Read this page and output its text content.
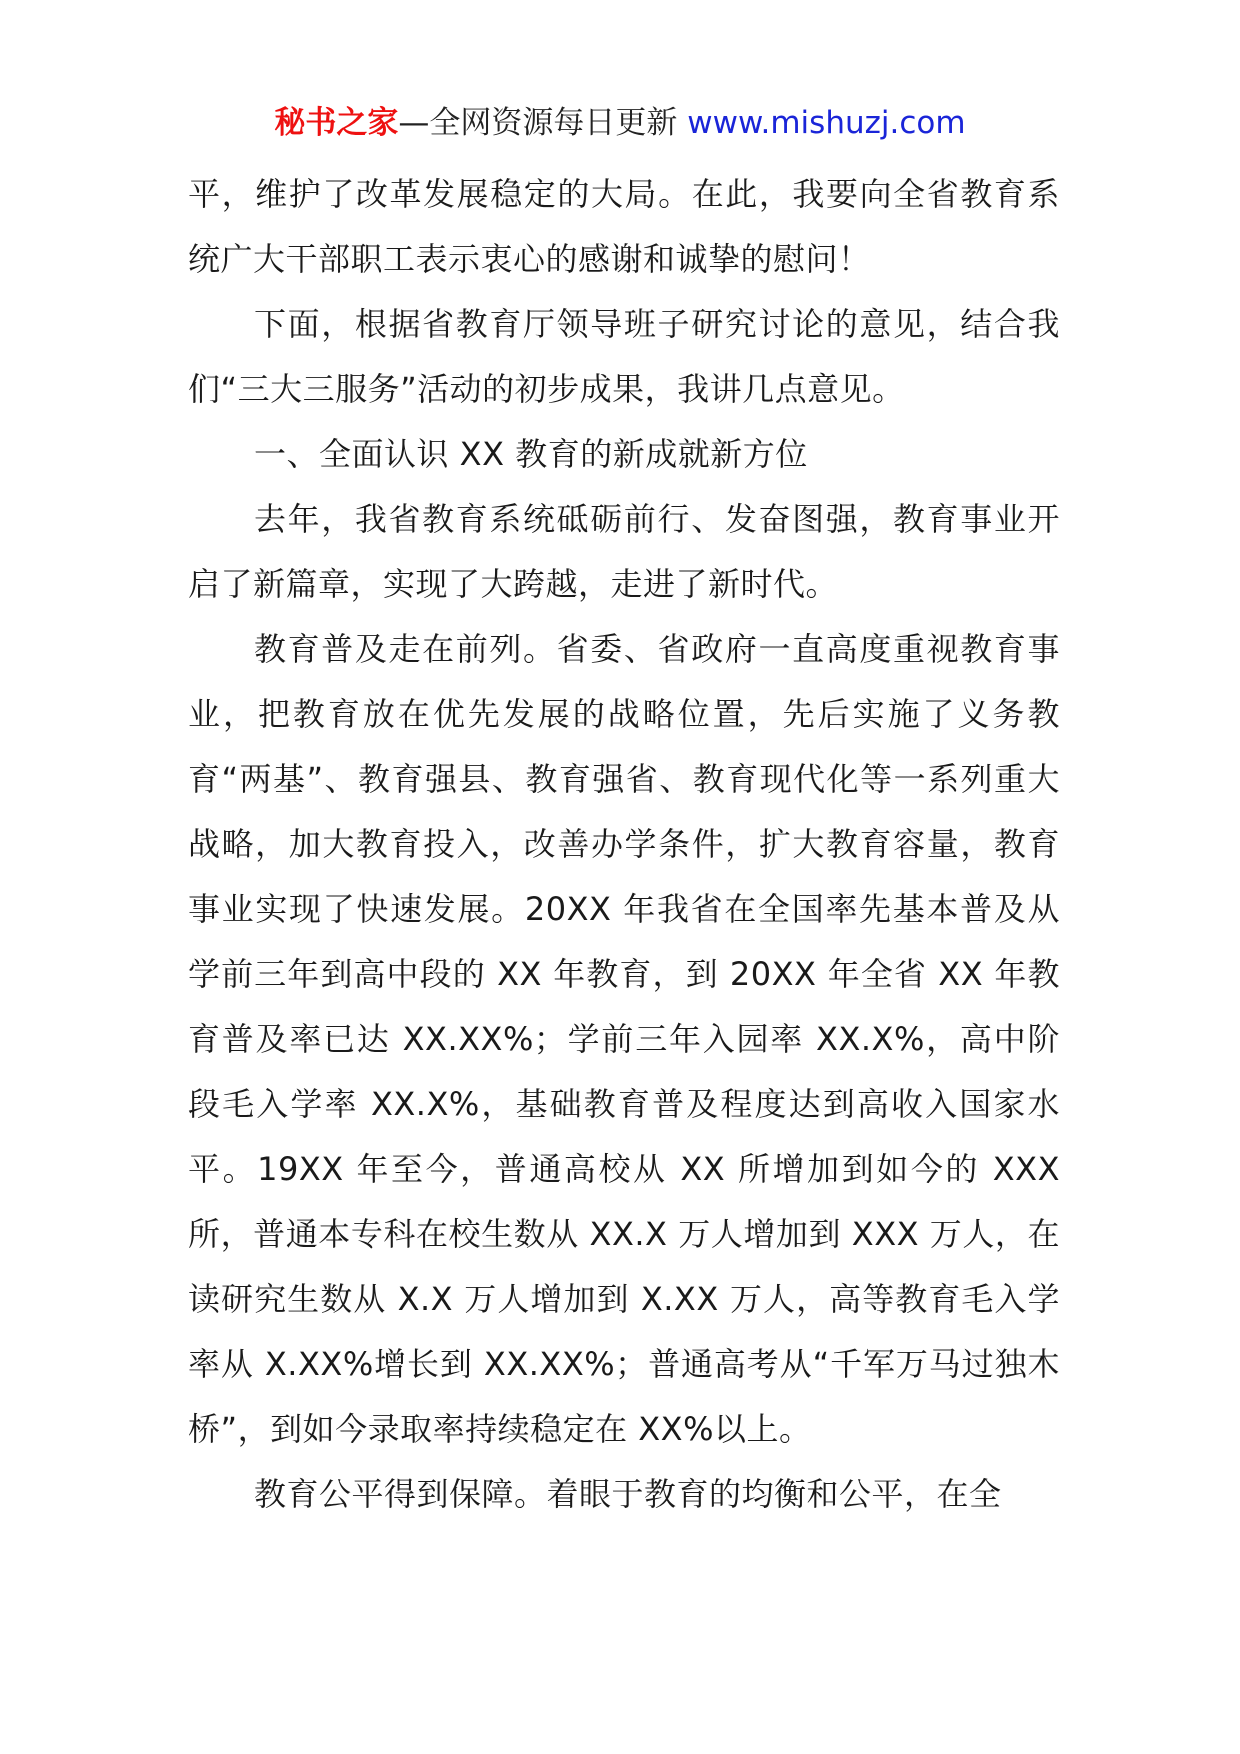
秘书之家—全网资源每日更新 www.mishuzj.com

平，维护了改革发展稳定的大局。在此，我要向全省教育系统广大干部职工表示衷心的感谢和诚挚的慰问！

下面，根据省教育厅领导班子研究讨论的意见，结合我们“三大三服务”活动的初步成果，我讲几点意见。

一、全面认识 XX 教育的新成就新方位

去年，我省教育系统砥砺前行、发奋图强，教育事业开启了新篇章，实现了大跨越，走进了新时代。

教育普及走在前列。省委、省政府一直高度重视教育事业，把教育放在优先发展的战略位置，先后实施了义务教育“两基”、教育强县、教育强省、教育现代化等一系列重大战略，加大教育投入，改善办学条件，扩大教育容量，教育事业实现了快速发展。20XX 年我省在全国率先基本普及从学前三年到高中段的 XX 年教育，到 20XX 年全省 XX 年教育普及率已达 XX.XX%；学前三年入园率 XX.X%，高中阶段毛入学率 XX.X%，基础教育普及程度达到高收入国家水平。19XX 年至今，普通高校从 XX 所增加到如今的 XXX 所，普通本专科在校生数从 XX.X 万人增加到 XXX 万人，在读研究生数从 X.X 万人增加到 X.XX 万人，高等教育毛入学率从 X.XX%增长到 XX.XX%；普通高考从“千军万马过独木桥”，到如今录取率持续稳定在 XX%以上。

教育公平得到保障。着眼于教育的均衡和公平，在全
